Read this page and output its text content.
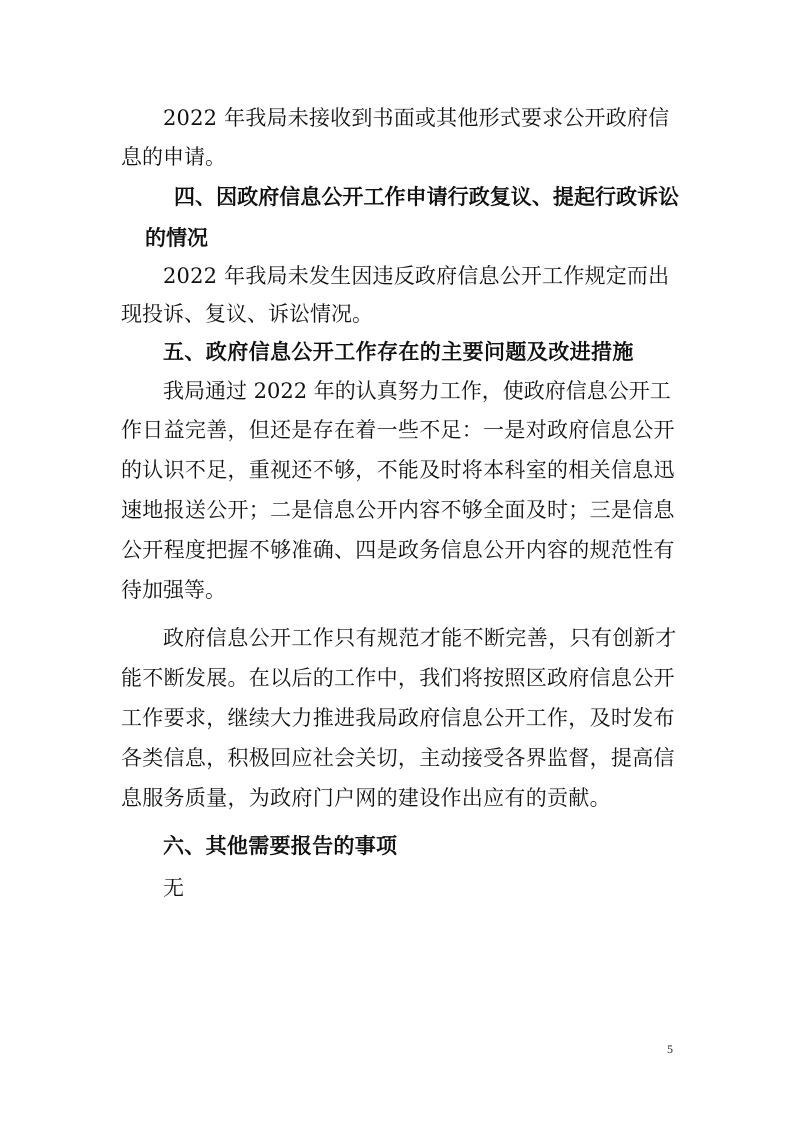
2022 年我局未接收到书面或其他形式要求公开政府信

息的申请。

四、因政府信息公开工作申请行政复议、提起行政诉讼

的情况

2022 年我局未发生因违反政府信息公开工作规定而出

现投诉、复议、诉讼情况。

五、政府信息公开工作存在的主要问题及改进措施

我局通过 2022 年的认真努力工作，使政府信息公开工

作日益完善，但还是存在着一些不足：一是对政府信息公开

的认识不足，重视还不够，不能及时将本科室的相关信息迅

速地报送公开；二是信息公开内容不够全面及时；三是信息

公开程度把握不够准确、四是政务信息公开内容的规范性有

待加强等。

政府信息公开工作只有规范才能不断完善，只有创新才

能不断发展。在以后的工作中，我们将按照区政府信息公开

工作要求，继续大力推进我局政府信息公开工作，及时发布

各类信息，积极回应社会关切，主动接受各界监督，提高信

息服务质量，为政府门户网的建设作出应有的贡献。

六、其他需要报告的事项

无

5
